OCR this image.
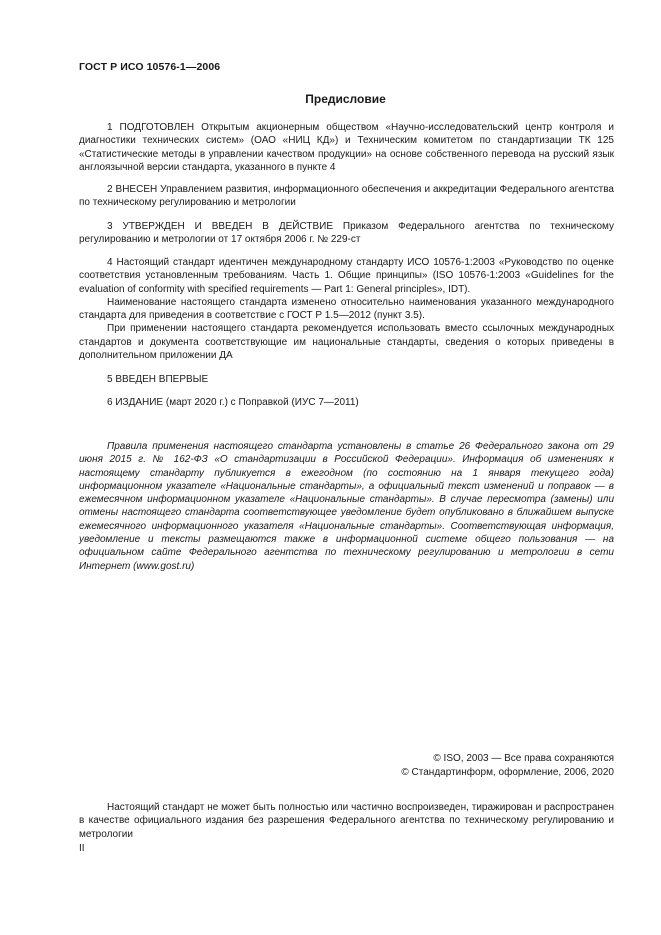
ГОСТ Р ИСО 10576-1—2006
Предисловие

1 ПОДГОТОВЛЕН Открытым акционерным обществом «Научно-исследовательский центр контроля и диагностики технических систем» (ОАО «НИЦ КД») и Техническим комитетом по стандартизации ТК 125 «Статистические методы в управлении качеством продукции» на основе собственного перевода на русский язык англоязычной версии стандарта, указанного в пункте 4

2 ВНЕСЕН Управлением развития, информационного обеспечения и аккредитации Федерального агентства по техническому регулированию и метрологии

3 УТВЕРЖДЕН И ВВЕДЕН В ДЕЙСТВИЕ Приказом Федерального агентства по техническому регулированию и метрологии от 17 октября 2006 г. № 229-ст

4 Настоящий стандарт идентичен международному стандарту ИСО 10576-1:2003 «Руководство по оценке соответствия установленным требованиям. Часть 1. Общие принципы» (ISO 10576-1:2003 «Guidelines for the evaluation of conformity with specified requirements — Part 1: General principles», IDT).

Наименование настоящего стандарта изменено относительно наименования указанного международного стандарта для приведения в соответствие с ГОСТ Р 1.5—2012 (пункт 3.5).

При применении настоящего стандарта рекомендуется использовать вместо ссылочных международных стандартов и документа соответствующие им национальные стандарты, сведения о которых приведены в дополнительном приложении ДА

5 ВВЕДЕН ВПЕРВЫЕ

6 ИЗДАНИЕ (март 2020 г.) с Поправкой (ИУС 7—2011)

Правила применения настоящего стандарта установлены в статье 26 Федерального закона от 29 июня 2015 г. № 162-ФЗ «О стандартизации в Российской Федерации». Информация об изменениях к настоящему стандарту публикуется в ежегодном (по состоянию на 1 января текущего года) информационном указателе «Национальные стандарты», а официальный текст изменений и поправок — в ежемесячном информационном указателе «Национальные стандарты». В случае пересмотра (замены) или отмены настоящего стандарта соответствующее уведомление будет опубликовано в ближайшем выпуске ежемесячного информационного указателя «Национальные стандарты». Соответствующая информация, уведомление и тексты размещаются также в информационной системе общего пользования — на официальном сайте Федерального агентства по техническому регулированию и метрологии в сети Интернет (www.gost.ru)

© ISO, 2003 — Все права сохраняются
© Стандартинформ, оформление, 2006, 2020

Настоящий стандарт не может быть полностью или частично воспроизведен, тиражирован и распространен в качестве официального издания без разрешения Федерального агентства по техническому регулированию и метрологии

II
